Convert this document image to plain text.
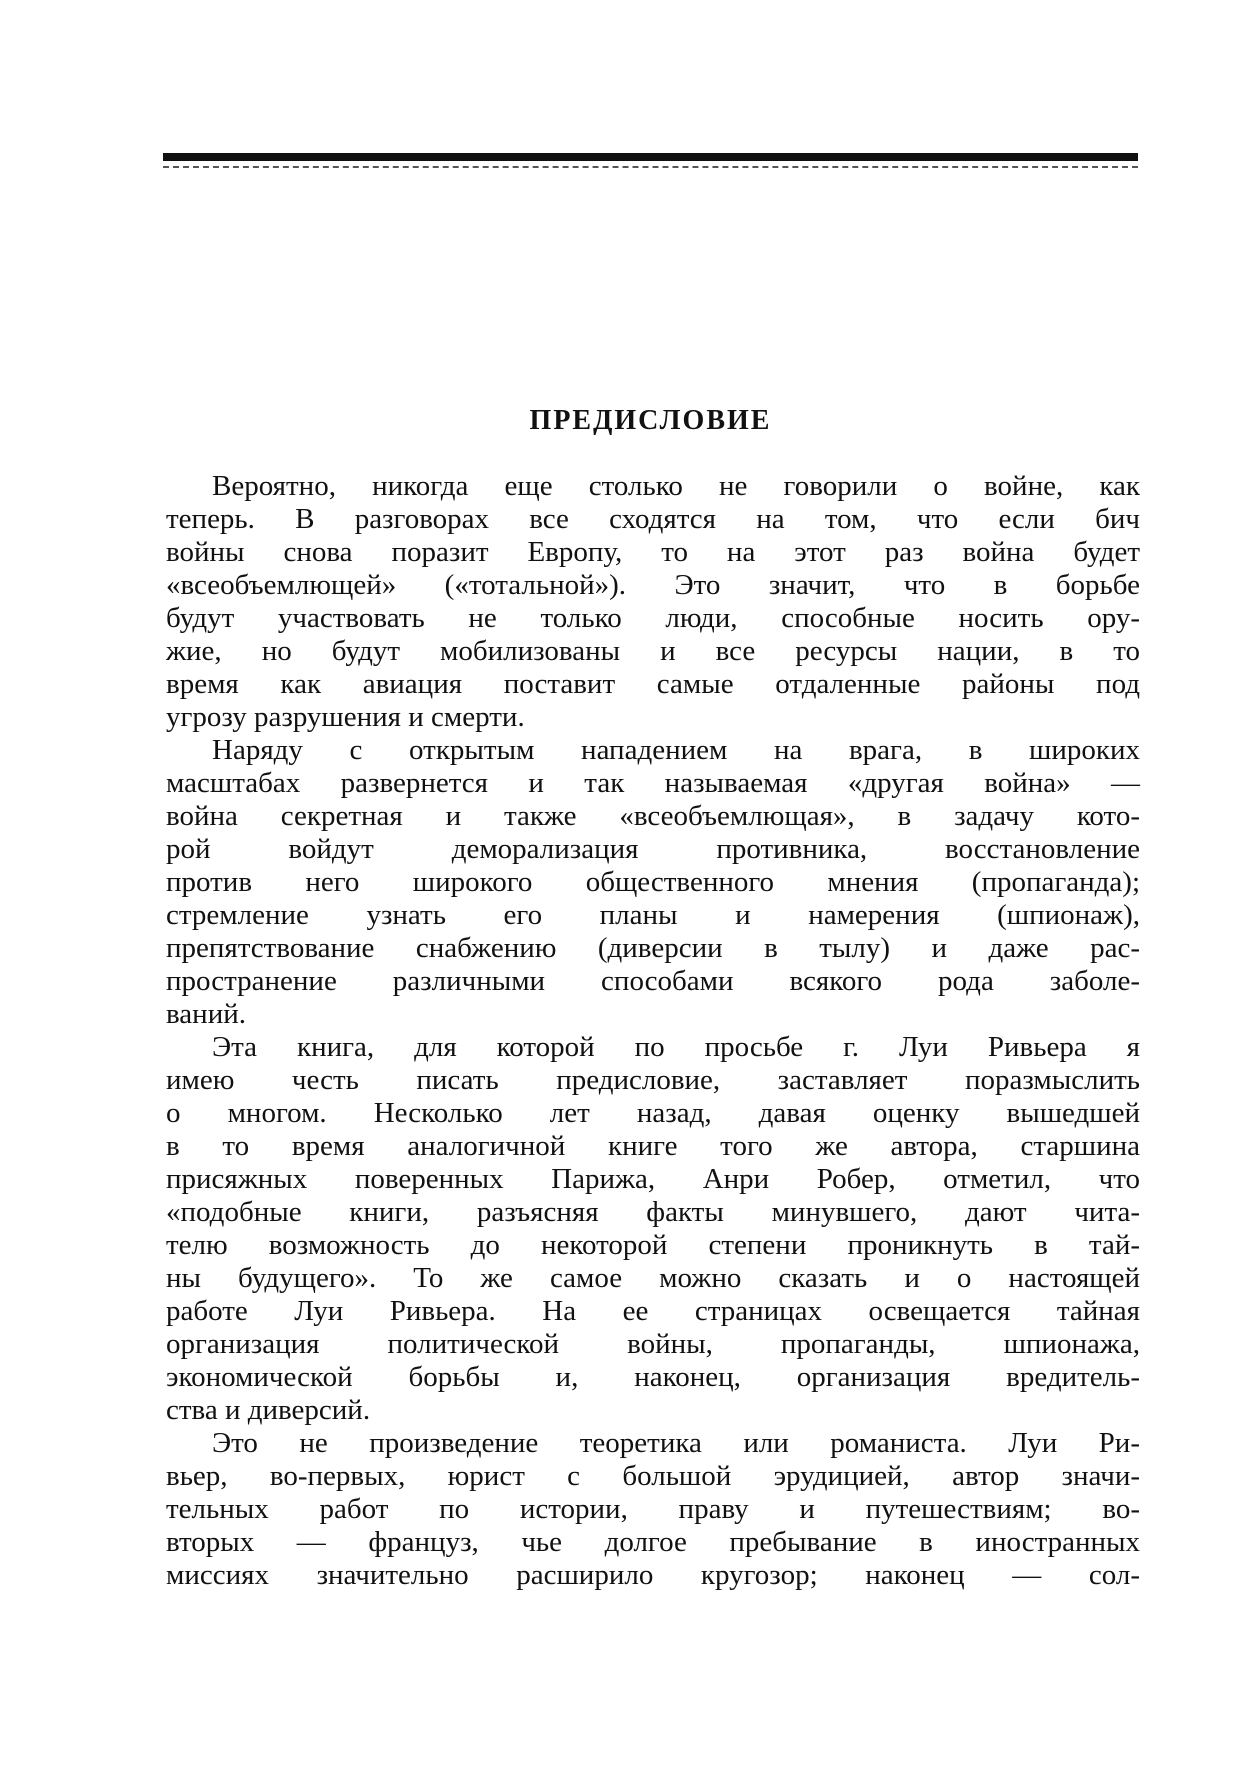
ПРЕДИСЛОВИЕ
Вероятно, никогда еще столько не говорили о войне, как
теперь. В разговорах все сходятся на том, что если бич
войны снова поразит Европу, то на этот раз война будет
«всеобъемлющей» («тотальной»). Это значит, что в борьбе
будут участвовать не только люди, способные носить ору-
жие, но будут мобилизованы и все ресурсы нации, в то
время как авиация поставит самые отдаленные районы под
угрозу разрушения и смерти.
Наряду с открытым нападением на врага, в широких
масштабах развернется и так называемая «другая война» —
война секретная и также «всеобъемлющая», в задачу кото-
рой войдут деморализация противника, восстановление
против него широкого общественного мнения (пропаганда);
стремление узнать его планы и намерения (шпионаж),
препятствование снабжению (диверсии в тылу) и даже рас-
пространение различными способами всякого рода заболе-
ваний.
Эта книга, для которой по просьбе г. Луи Ривьера я
имею честь писать предисловие, заставляет поразмыслить
о многом. Несколько лет назад, давая оценку вышедшей
в то время аналогичной книге того же автора, старшина
присяжных поверенных Парижа, Анри Робер, отметил, что
«подобные книги, разъясняя факты минувшего, дают чита-
телю возможность до некоторой степени проникнуть в тай-
ны будущего». То же самое можно сказать и о настоящей
работе Луи Ривьера. На ее страницах освещается тайная
организация политической войны, пропаганды, шпионажа,
экономической борьбы и, наконец, организация вредитель-
ства и диверсий.
Это не произведение теоретика или романиста. Луи Ри-
вьер, во-первых, юрист с большой эрудицией, автор значи-
тельных работ по истории, праву и путешествиям; во-
вторых — француз, чье долгое пребывание в иностранных
миссиях значительно расширило кругозор; наконец — сол-
